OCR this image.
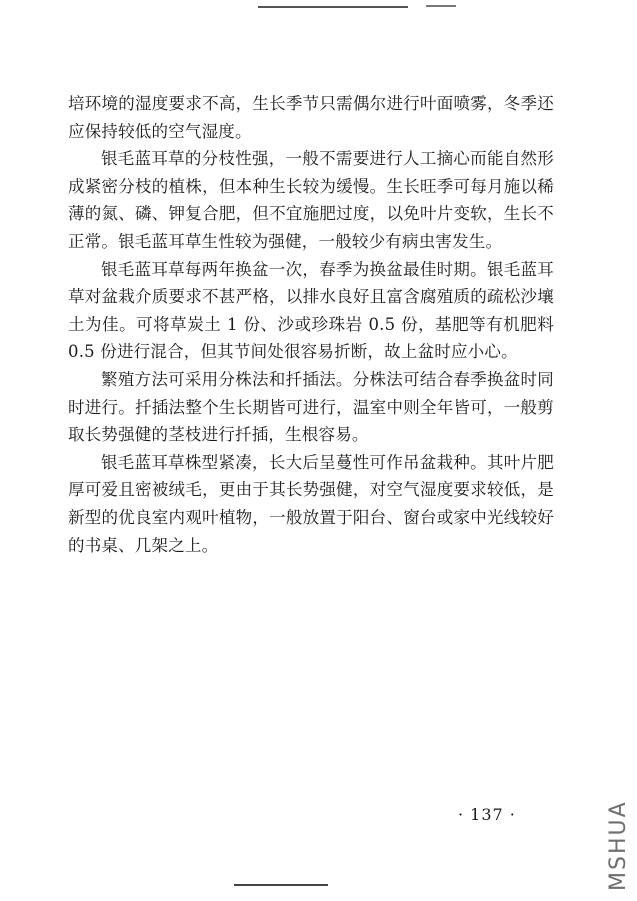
培环境的湿度要求不高，生长季节只需偶尔进行叶面喷雾，冬季还应保持较低的空气湿度。

银毛蓝耳草的分枝性强，一般不需要进行人工摘心而能自然形成紧密分枝的植株，但本种生长较为缓慢。生长旺季可每月施以稀薄的氮、磷、钾复合肥，但不宜施肥过度，以免叶片变软，生长不正常。银毛蓝耳草生性较为强健，一般较少有病虫害发生。

银毛蓝耳草每两年换盆一次，春季为换盆最佳时期。银毛蓝耳草对盆栽介质要求不甚严格，以排水良好且富含腐殖质的疏松沙壤土为佳。可将草炭土 1 份、沙或珍珠岩 0.5 份，基肥等有机肥料 0.5 份进行混合，但其节间处很容易折断，故上盆时应小心。

繁殖方法可采用分株法和扦插法。分株法可结合春季换盆时同时进行。扦插法整个生长期皆可进行，温室中则全年皆可，一般剪取长势强健的茎枝进行扦插，生根容易。

银毛蓝耳草株型紧凑，长大后呈蔓性可作吊盆栽种。其叶片肥厚可爱且密被绒毛，更由于其长势强健，对空气湿度要求较低，是新型的优良室内观叶植物，一般放置于阳台、窗台或家中光线较好的书桌、几架之上。

· 137 ·	MSHUA
